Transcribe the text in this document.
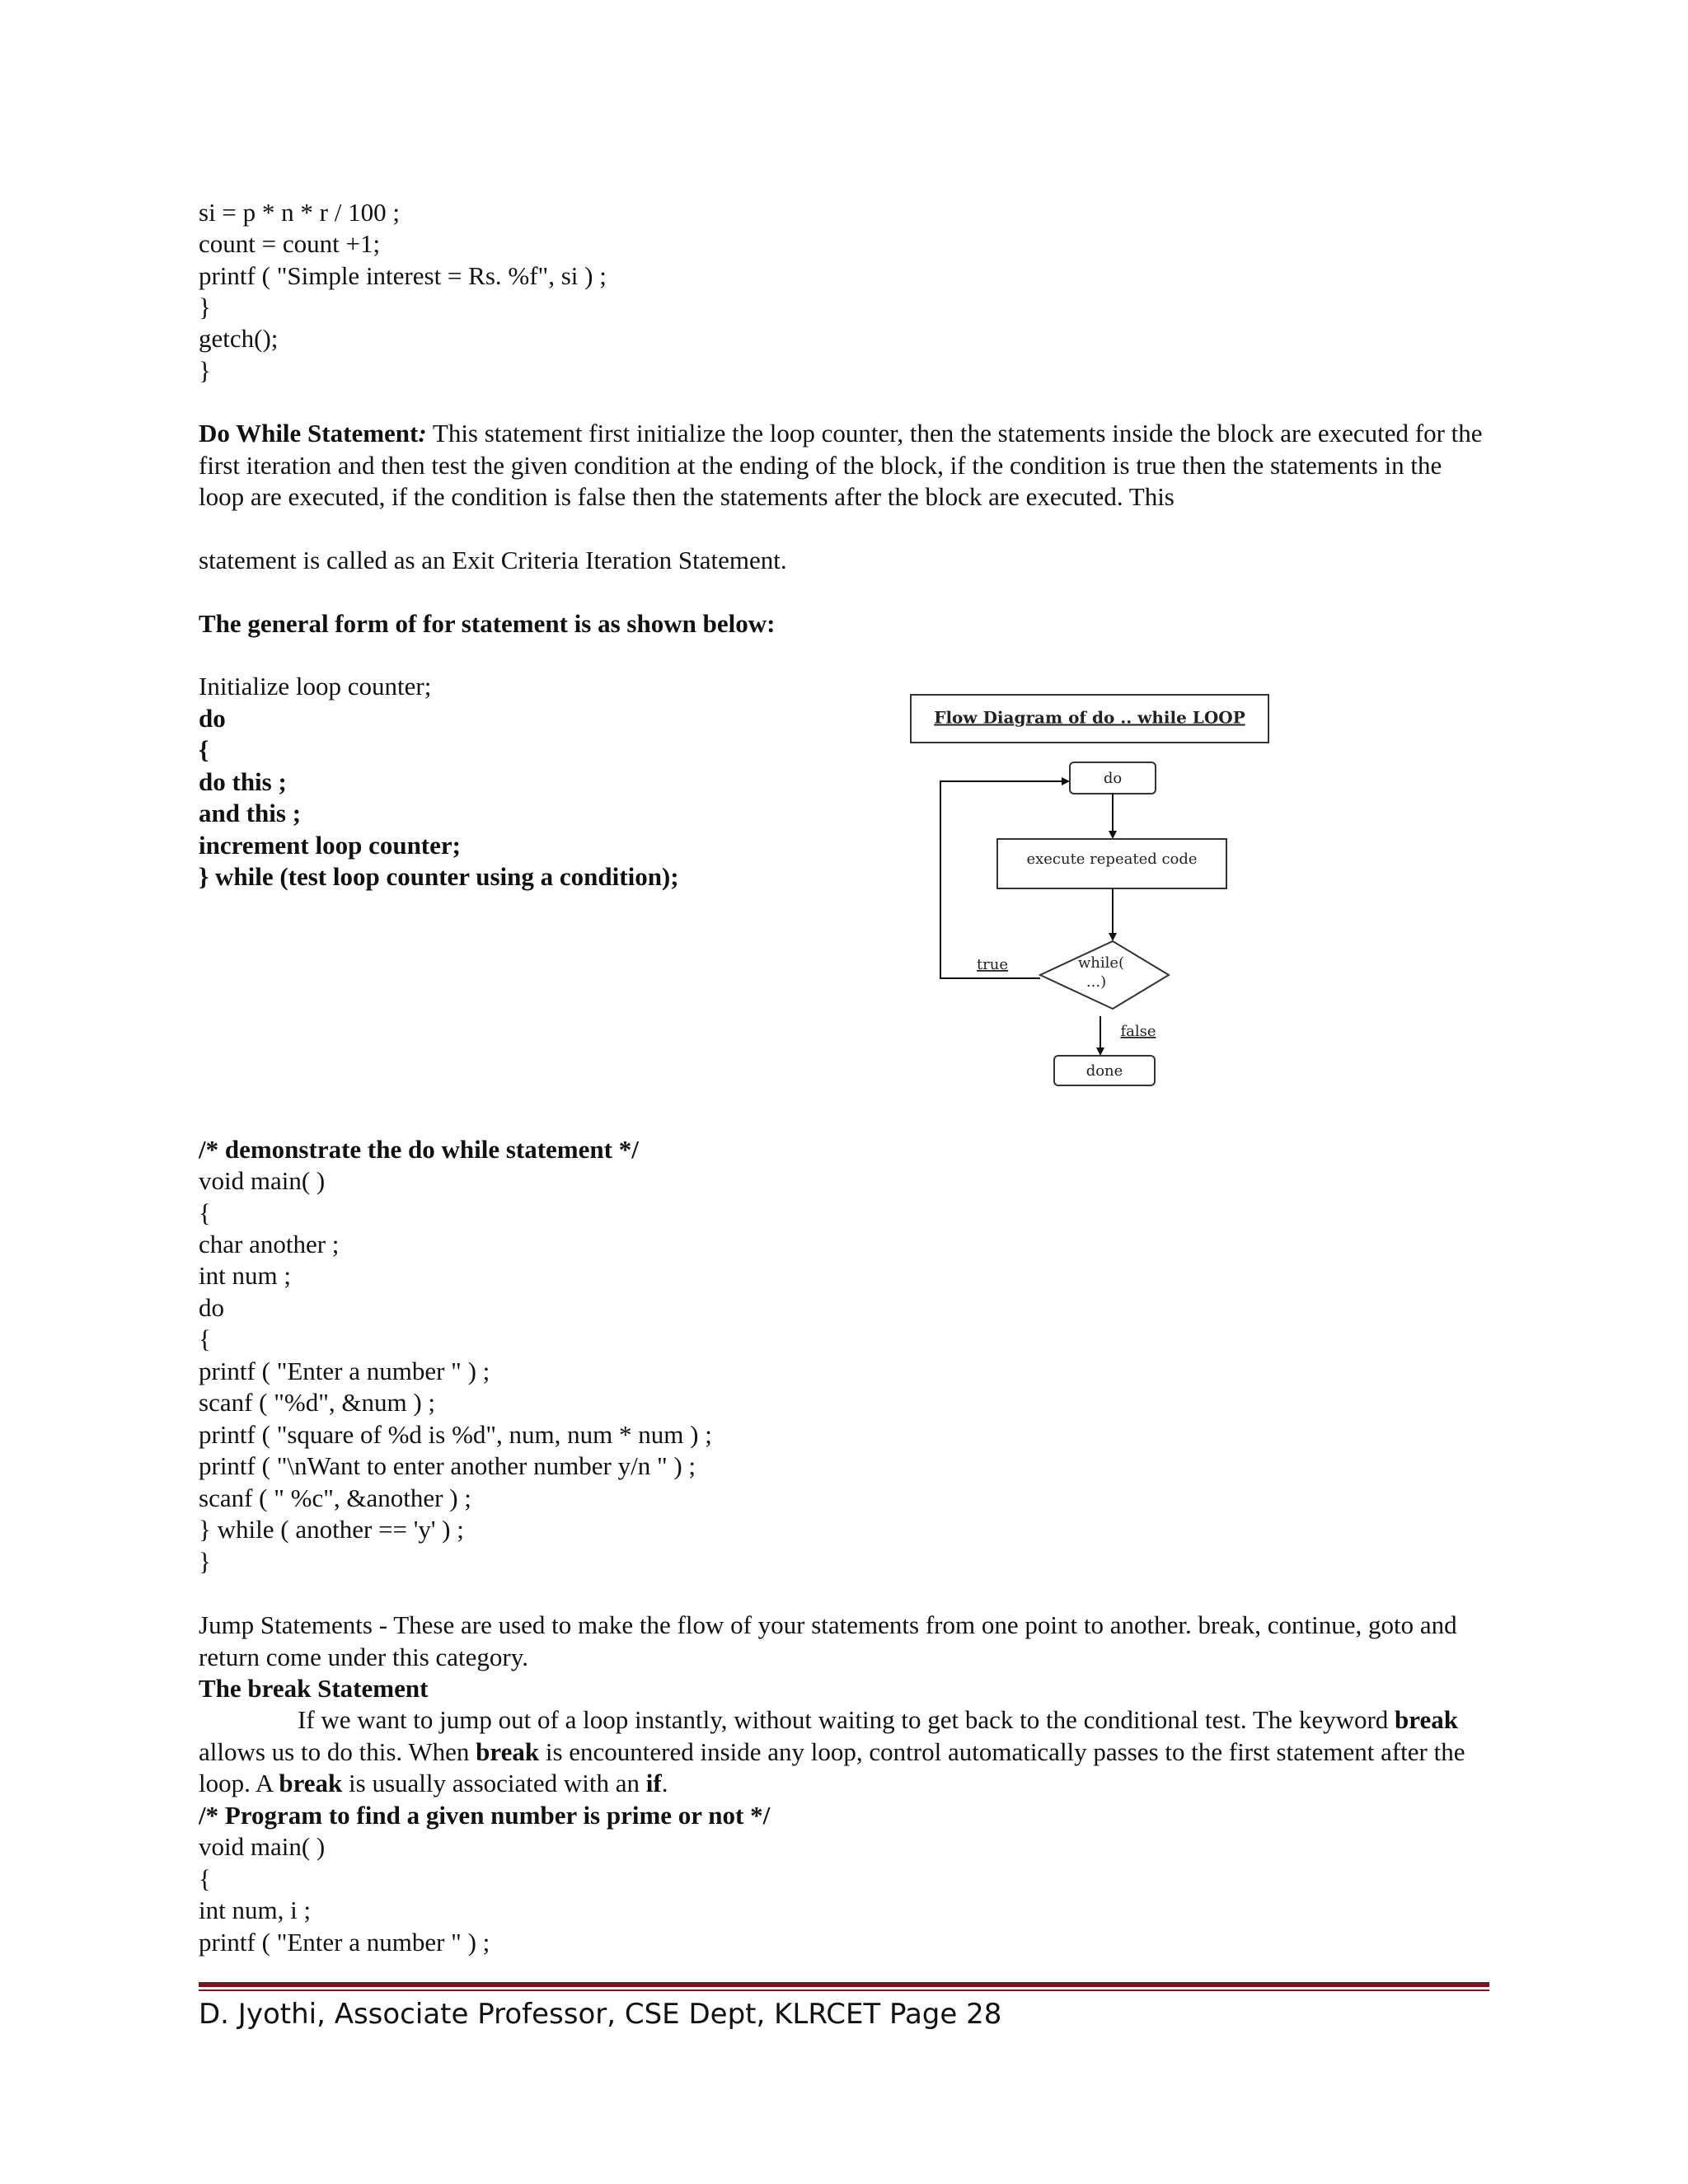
si = p * n * r / 100 ;
count = count +1;
printf ( "Simple interest = Rs. %f", si ) ;
}
getch();
}
Do While Statement: This statement first initialize the loop counter, then the statements inside the block are executed for the first iteration and then test the given condition at the ending of the block, if the condition is true then the statements in the loop are executed, if the condition is false then the statements after the block are executed. This
statement is called as an Exit Criteria Iteration Statement.
The general form of for statement is as shown below:
Initialize loop counter;
do
{
do this ;
and this ;
increment loop counter;
} while (test loop counter using a condition);
Flow Diagram of do .. while LOOP
do
execute repeated code
while(
...)
true
false
done
/* demonstrate the do while statement */
void main( )
{
char another ;
int num ;
do
{
printf ( "Enter a number " ) ;
scanf ( "%d", &num ) ;
printf ( "square of %d is %d", num, num * num ) ;
printf ( "\nWant to enter another number y/n " ) ;
scanf ( " %c", &another ) ;
} while ( another == 'y' ) ;
}
Jump Statements - These are used to make the flow of your statements from one point to another. break, continue, goto and return come under this category.
The break Statement
If we want to jump out of a loop instantly, without waiting to get back to the conditional test. The keyword break allows us to do this. When break is encountered inside any loop, control automatically passes to the first statement after the loop. A break is usually associated with an if.
/* Program to find a given number is prime or not */
void main( )
{
int num, i ;
printf ( "Enter a number " ) ;
D. Jyothi, Associate Professor, CSE Dept, KLRCET Page 28
